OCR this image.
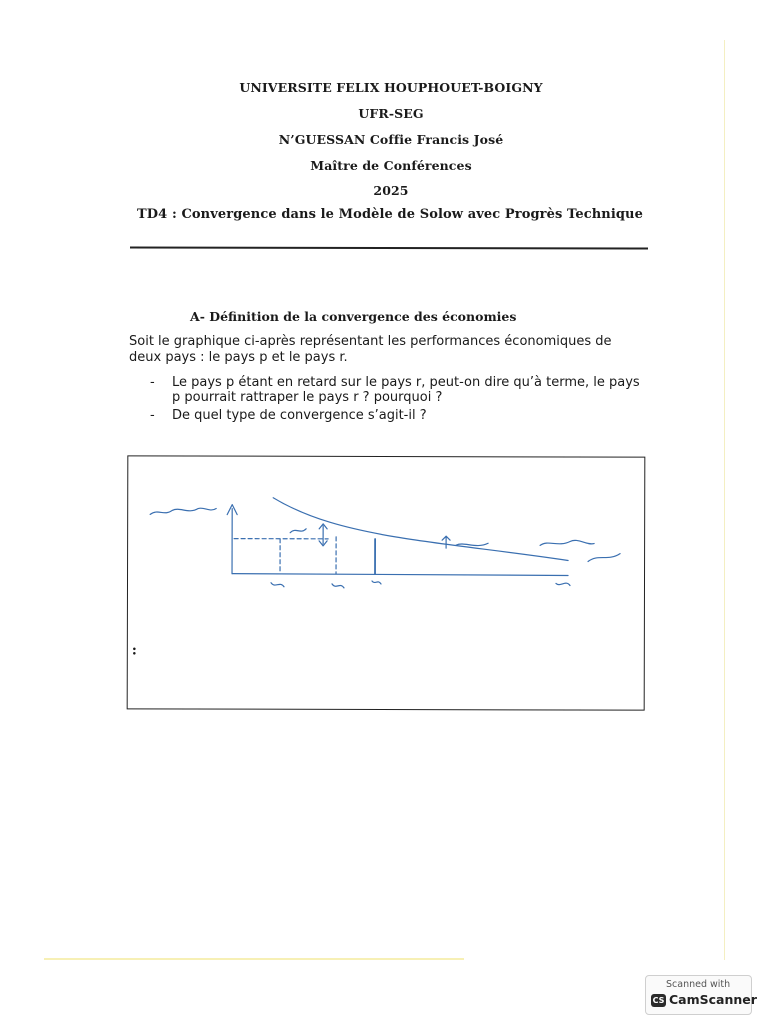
UNIVERSITE FELIX HOUPHOUET-BOIGNY
UFR-SEG
N’GUESSAN Coffie Francis José
Maître de Conférences
2025
TD4 : Convergence dans le Modèle de Solow avec Progrès Technique
A- Définition de la convergence des économies
Soit le graphique ci-après représentant les performances économiques de deux pays : le pays p et le pays r.
- Le pays p étant en retard sur le pays r, peut-on dire qu’à terme, le pays p pourrait rattraper le pays r ? pourquoi ?
- De quel type de convergence s’agit-il ?
:
Scanned with
CS CamScanner
